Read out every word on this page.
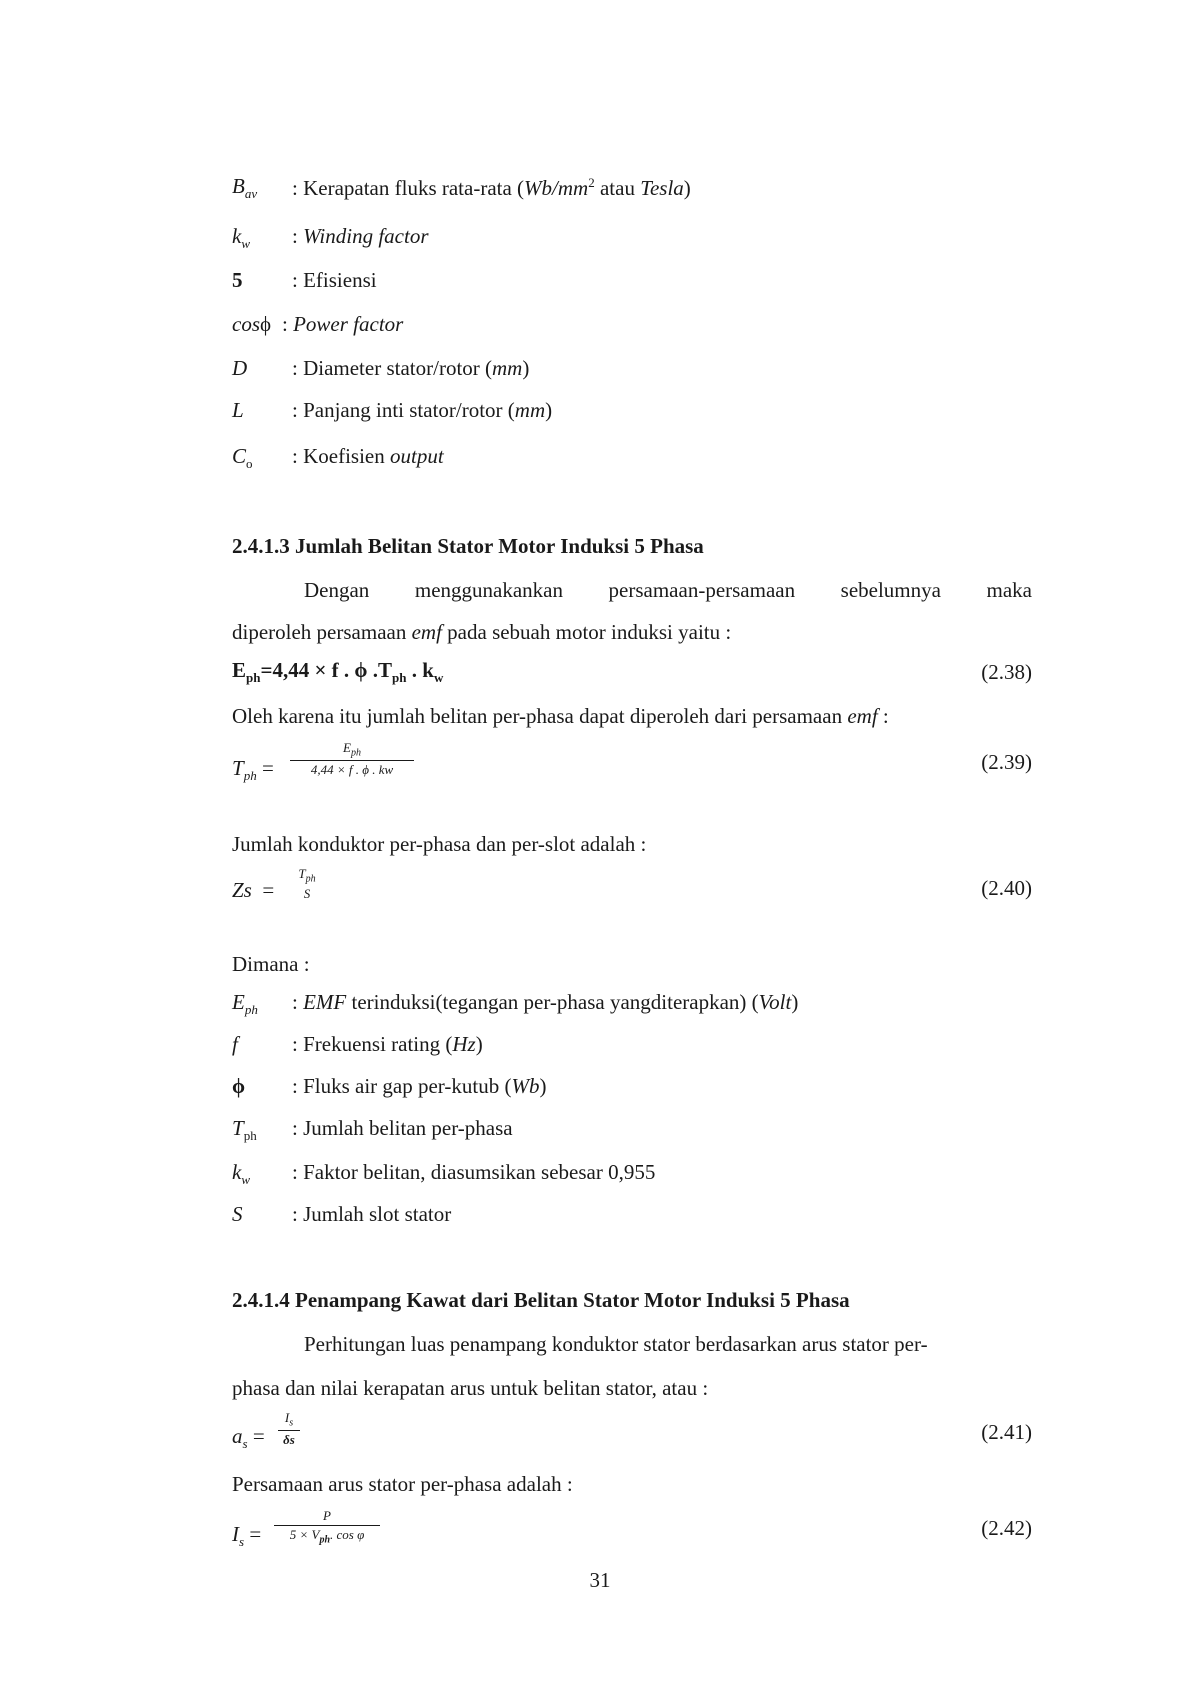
$B_{av}$ : Kerapatan fluks rata-rata ($Wb/mm^2$ atau Tesla)
$k_w$ : Winding factor
5 : Efisiensi
cosϕ : Power factor
D : Diameter stator/rotor (mm)
L : Panjang inti stator/rotor (mm)
$C_o$ : Koefisien output
2.4.1.3 Jumlah Belitan Stator Motor Induksi 5 Phasa
Dengan menggunakankan persamaan-persamaan sebelumnya maka
diperoleh persamaan emf pada sebuah motor induksi yaitu :
$E_{ph}=4,44 \times f$ . ϕ $.T_{ph}$ . $k_w$	(2.38)
Oleh karena itu jumlah belitan per-phasa dapat diperoleh dari persamaan emf :
$T_{ph}$ =
$E_{ph}$
4,44 × f . ϕ . kw	(2.39)
Jumlah konduktor per-phasa dan per-slot adalah :
Zs  =
$T_{ph}$
S	(2.40)
Dimana :
$E_{ph}$ : EMF terinduksi(tegangan per-phasa yangditerapkan) (Volt)
f	: Frekuensi rating (Hz)
ϕ : Fluks air gap per-kutub (Wb)
$T_{ph}$ : Jumlah belitan per-phasa
$k_w$ : Faktor belitan, diasumsikan sebesar 0,955
S : Jumlah slot stator
2.4.1.4 Penampang Kawat dari Belitan Stator Motor Induksi 5 Phasa
Perhitungan luas penampang konduktor stator berdasarkan arus stator per-
phasa dan nilai kerapatan arus untuk belitan stator, atau :
$a_s$ =
$I_s$
δs	(2.41)
Persamaan arus stator per-phasa adalah :
$I_s$ =
P
$5 \times V_{ph}$. cos φ	(2.42)
31
